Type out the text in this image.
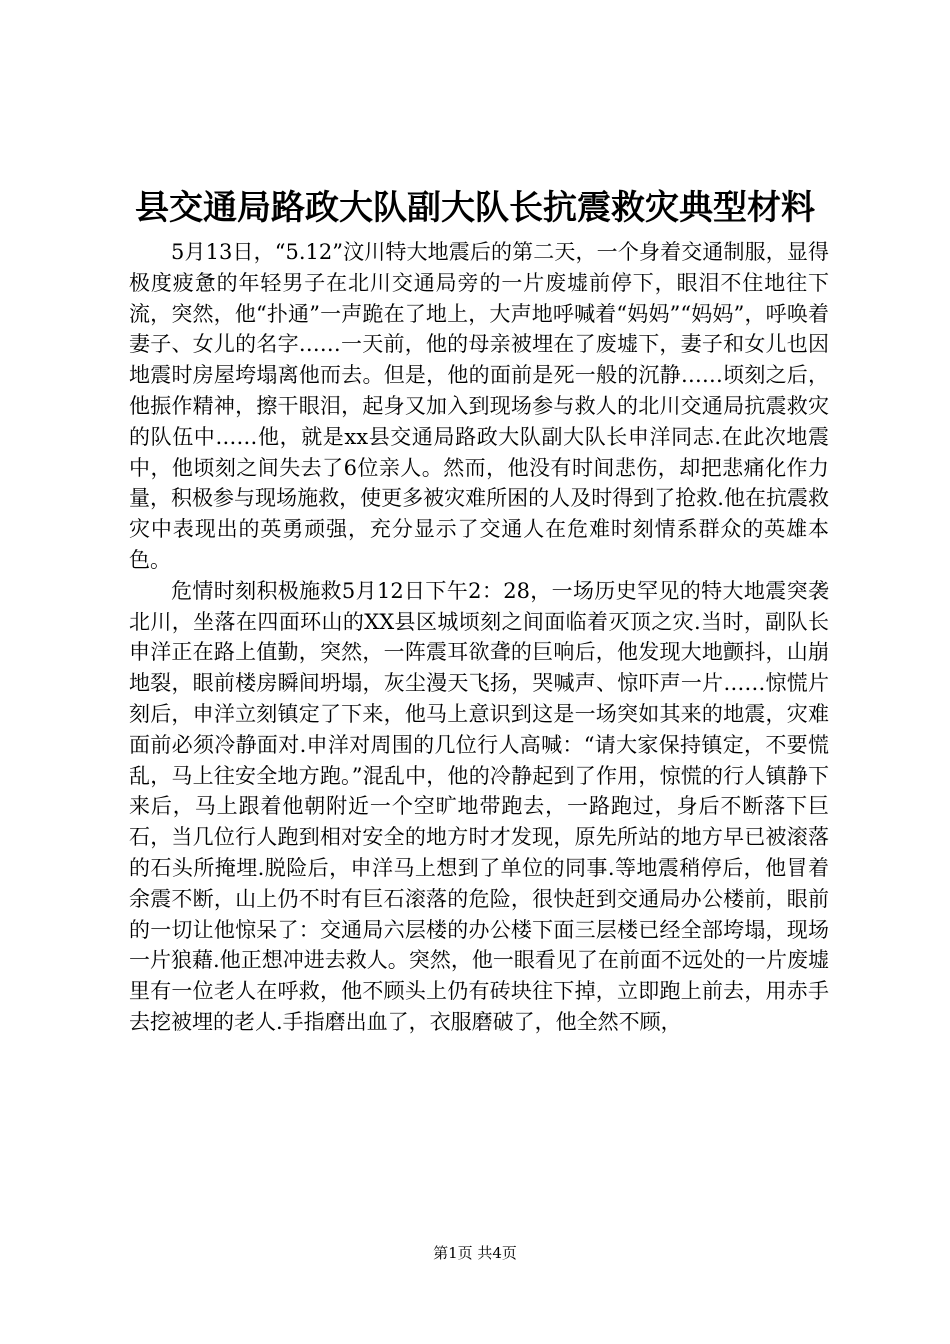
县交通局路政大队副大队长抗震救灾典型材料

5月13日，“5.12”汶川特大地震后的第二天，一个身着交通制服，显得极度疲惫的年轻男子在北川交通局旁的一片废墟前停下，眼泪不住地往下流，突然，他“扑通”一声跪在了地上，大声地呼喊着“妈妈”“妈妈”，呼唤着妻子、女儿的名字……一天前，他的母亲被埋在了废墟下，妻子和女儿也因地震时房屋垮塌离他而去。但是，他的面前是死一般的沉静……顷刻之后，他振作精神，擦干眼泪，起身又加入到现场参与救人的北川交通局抗震救灾的队伍中……他，就是xx县交通局路政大队副大队长申洋同志.在此次地震中，他顷刻之间失去了6位亲人。然而，他没有时间悲伤，却把悲痛化作力量，积极参与现场施救，使更多被灾难所困的人及时得到了抢救.他在抗震救灾中表现出的英勇顽强，充分显示了交通人在危难时刻情系群众的英雄本色。

危情时刻积极施救5月12日下午2：28，一场历史罕见的特大地震突袭北川，坐落在四面环山的XX县区城顷刻之间面临着灭顶之灾.当时，副队长申洋正在路上值勤，突然，一阵震耳欲聋的巨响后，他发现大地颤抖，山崩地裂，眼前楼房瞬间坍塌，灰尘漫天飞扬，哭喊声、惊吓声一片……惊慌片刻后，申洋立刻镇定了下来，他马上意识到这是一场突如其来的地震，灾难面前必须冷静面对.申洋对周围的几位行人高喊：“请大家保持镇定，不要慌乱，马上往安全地方跑。”混乱中，他的冷静起到了作用，惊慌的行人镇静下来后，马上跟着他朝附近一个空旷地带跑去，一路跑过，身后不断落下巨石，当几位行人跑到相对安全的地方时才发现，原先所站的地方早已被滚落的石头所掩埋.脱险后，申洋马上想到了单位的同事.等地震稍停后，他冒着余震不断，山上仍不时有巨石滚落的危险，很快赶到交通局办公楼前，眼前的一切让他惊呆了：交通局六层楼的办公楼下面三层楼已经全部垮塌，现场一片狼藉.他正想冲进去救人。突然，他一眼看见了在前面不远处的一片废墟里有一位老人在呼救，他不顾头上仍有砖块往下掉，立即跑上前去，用赤手去挖被埋的老人.手指磨出血了，衣服磨破了，他全然不顾，

第1页 共4页
